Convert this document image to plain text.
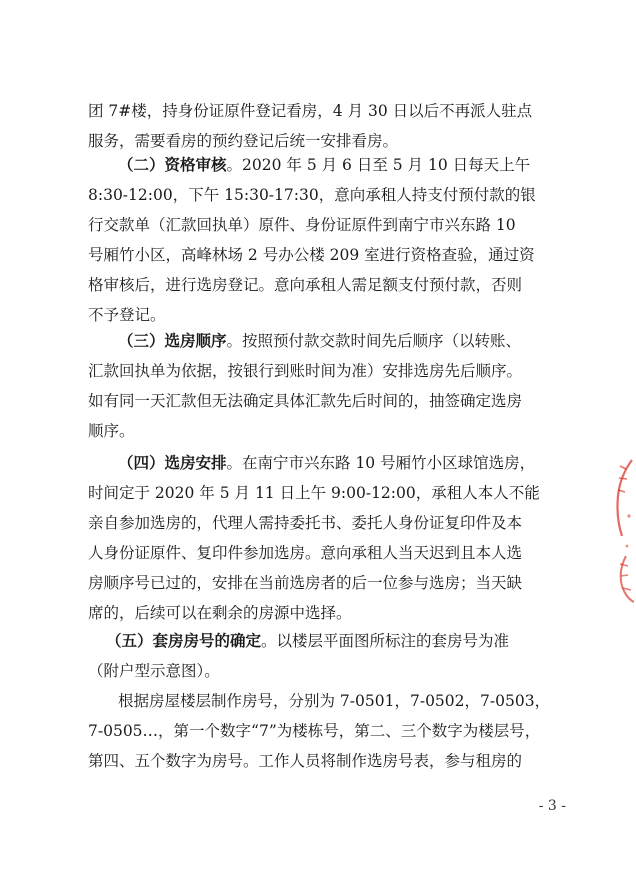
团 7#楼，持身份证原件登记看房，4 月 30 日以后不再派人驻点
服务，需要看房的预约登记后统一安排看房。
（二）资格审核。2020 年 5 月 6 日至 5 月 10 日每天上午
8:30-12:00，下午 15:30-17:30，意向承租人持支付预付款的银
行交款单（汇款回执单）原件、身份证原件到南宁市兴东路 10
号厢竹小区，高峰林场 2 号办公楼 209 室进行资格查验，通过资
格审核后，进行选房登记。意向承租人需足额支付预付款，否则
不予登记。
（三）选房顺序。按照预付款交款时间先后顺序（以转账、
汇款回执单为依据，按银行到账时间为准）安排选房先后顺序。
如有同一天汇款但无法确定具体汇款先后时间的，抽签确定选房
顺序。
（四）选房安排。在南宁市兴东路 10 号厢竹小区球馆选房，
时间定于 2020 年 5 月 11 日上午 9:00-12:00，承租人本人不能
亲自参加选房的，代理人需持委托书、委托人身份证复印件及本
人身份证原件、复印件参加选房。意向承租人当天迟到且本人选
房顺序号已过的，安排在当前选房者的后一位参与选房；当天缺
席的，后续可以在剩余的房源中选择。
（五）套房房号的确定。以楼层平面图所标注的套房号为准
（附户型示意图）。
根据房屋楼层制作房号，分别为 7-0501，7-0502，7-0503，
7-0505…，第一个数字“7”为楼栋号，第二、三个数字为楼层号，
第四、五个数字为房号。工作人员将制作选房号表，参与租房的
- 3 -
